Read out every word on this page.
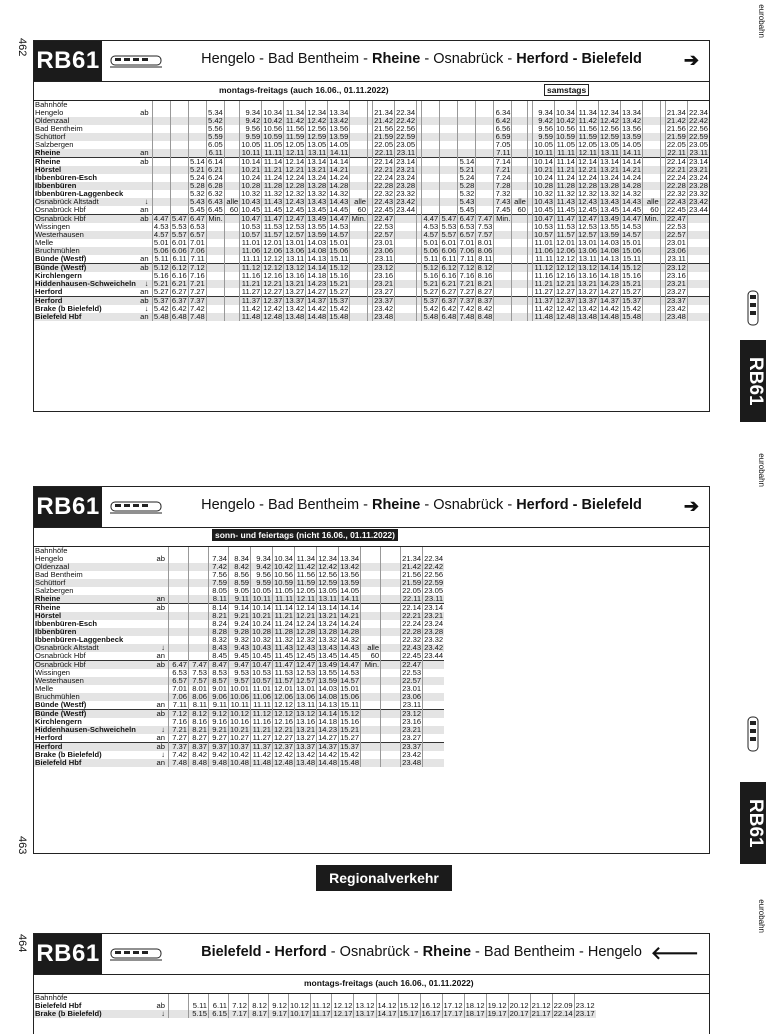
462
463
464
eurobahn
eurobahn
eurobahn
RB61	Hengelo - Bad Bentheim - Rheine - Osnabrück - Herford - Bielefeld	➔
montags-freitags (auch 16.06., 01.11.2022)	samstags
Bahnhöfe																																
Hengelo	ab				5.34		9.34	10.34	11.34	12.34	13.34			21.34	22.34						6.34			9.34	10.34	11.34	12.34	13.34			21.34	22.34
Oldenzaal					5.42		9.42	10.42	11.42	12.42	13.42			21.42	22.42						6.42			9.42	10.42	11.42	12.42	13.42			21.42	22.42
Bad Bentheim					5.56		9.56	10.56	11.56	12.56	13.56			21.56	22.56						6.56			9.56	10.56	11.56	12.56	13.56			21.56	22.56
Schüttorf					5.59		9.59	10.59	11.59	12.59	13.59			21.59	22.59						6.59			9.59	10.59	11.59	12.59	13.59			21.59	22.59
Salzbergen					6.05		10.05	11.05	12.05	13.05	14.05			22.05	23.05						7.05			10.05	11.05	12.05	13.05	14.05			22.05	23.05
Rheine	an				6.11		10.11	11.11	12.11	13.11	14.11			22.11	23.11						7.11			10.11	11.11	12.11	13.11	14.11			22.11	23.11
Rheine	ab			5.14	6.14		10.14	11.14	12.14	13.14	14.14			22.14	23.14				5.14		7.14			10.14	11.14	12.14	13.14	14.14			22.14	23.14
Hörstel				5.21	6.21		10.21	11.21	12.21	13.21	14.21			22.21	23.21				5.21		7.21			10.21	11.21	12.21	13.21	14.21			22.21	23.21
Ibbenbüren-Esch				5.24	6.24		10.24	11.24	12.24	13.24	14.24			22.24	23.24				5.24		7.24			10.24	11.24	12.24	13.24	14.24			22.24	23.24
Ibbenbüren				5.28	6.28		10.28	11.28	12.28	13.28	14.28			22.28	23.28				5.28		7.28			10.28	11.28	12.28	13.28	14.28			22.28	23.28
Ibbenbüren-Laggenbeck				5.32	6.32		10.32	11.32	12.32	13.32	14.32			22.32	23.32				5.32		7.32			10.32	11.32	12.32	13.32	14.32			22.32	23.32
Osnabrück Altstadt	↓			5.43	6.43	alle	10.43	11.43	12.43	13.43	14.43	alle		22.43	23.42				5.43		7.43	alle		10.43	11.43	12.43	13.43	14.43	alle		22.43	23.42
Osnabrück Hbf	an			5.45	6.45	60	10.45	11.45	12.45	13.45	14.45	60		22.45	23.44				5.45		7.45	60		10.45	11.45	12.45	13.45	14.45	60		22.45	23.44
Osnabrück Hbf	ab	4.47	5.47	6.47	Min.		10.47	11.47	12.47	13.49	14.47	Min.		22.47			4.47	5.47	6.47	7.47	Min.			10.47	11.47	12.47	13.49	14.47	Min.		22.47	
Wissingen		4.53	5.53	6.53			10.53	11.53	12.53	13.55	14.53			22.53			4.53	5.53	6.53	7.53				10.53	11.53	12.53	13.55	14.53			22.53	
Westerhausen		4.57	5.57	6.57			10.57	11.57	12.57	13.59	14.57			22.57			4.57	5.57	6.57	7.57				10.57	11.57	12.57	13.59	14.57			22.57	
Melle		5.01	6.01	7.01			11.01	12.01	13.01	14.03	15.01			23.01			5.01	6.01	7.01	8.01				11.01	12.01	13.01	14.03	15.01			23.01	
Bruchmühlen		5.06	6.06	7.06			11.06	12.06	13.06	14.08	15.06			23.06			5.06	6.06	7.06	8.06				11.06	12.06	13.06	14.08	15.06			23.06	
Bünde (Westf)	an	5.11	6.11	7.11			11.11	12.12	13.11	14.13	15.11			23.11			5.11	6.11	7.11	8.11				11.11	12.12	13.11	14.13	15.11			23.11	
Bünde (Westf)	ab	5.12	6.12	7.12			11.12	12.12	13.12	14.14	15.12			23.12			5.12	6.12	7.12	8.12				11.12	12.12	13.12	14.14	15.12			23.12	
Kirchlengern		5.16	6.16	7.16			11.16	12.16	13.16	14.18	15.16			23.16			5.16	6.16	7.16	8.16				11.16	12.16	13.16	14.18	15.16			23.16	
Hiddenhausen-Schweicheln	↓	5.21	6.21	7.21			11.21	12.21	13.21	14.23	15.21			23.21			5.21	6.21	7.21	8.21				11.21	12.21	13.21	14.23	15.21			23.21	
Herford	an	5.27	6.27	7.27			11.27	12.27	13.27	14.27	15.27			23.27			5.27	6.27	7.27	8.27				11.27	12.27	13.27	14.27	15.27			23.27	
Herford	ab	5.37	6.37	7.37			11.37	12.37	13.37	14.37	15.37			23.37			5.37	6.37	7.37	8.37				11.37	12.37	13.37	14.37	15.37			23.37	
Brake (b Bielefeld)	↓	5.42	6.42	7.42			11.42	12.42	13.42	14.42	15.42			23.42			5.42	6.42	7.42	8.42				11.42	12.42	13.42	14.42	15.42			23.42	
Bielefeld Hbf	an	5.48	6.48	7.48			11.48	12.48	13.48	14.48	15.48			23.48			5.48	6.48	7.48	8.48				11.48	12.48	13.48	14.48	15.48			23.48	
RB61
RB61	Hengelo - Bad Bentheim - Rheine - Osnabrück - Herford - Bielefeld	➔
sonn- und feiertags (nicht 16.06., 01.11.2022)
Bahnhöfe														
Hengelo	ab			7.34	8.34	9.34	10.34	11.34	12.34	13.34			21.34	22.34
Oldenzaal				7.42	8.42	9.42	10.42	11.42	12.42	13.42			21.42	22.42
Bad Bentheim				7.56	8.56	9.56	10.56	11.56	12.56	13.56			21.56	22.56
Schüttorf				7.59	8.59	9.59	10.59	11.59	12.59	13.59			21.59	22.59
Salzbergen				8.05	9.05	10.05	11.05	12.05	13.05	14.05			22.05	23.05
Rheine	an			8.11	9.11	10.11	11.11	12.11	13.11	14.11			22.11	23.11
Rheine	ab			8.14	9.14	10.14	11.14	12.14	13.14	14.14			22.14	23.14
Hörstel				8.21	9.21	10.21	11.21	12.21	13.21	14.21			22.21	23.21
Ibbenbüren-Esch				8.24	9.24	10.24	11.24	12.24	13.24	14.24			22.24	23.24
Ibbenbüren				8.28	9.28	10.28	11.28	12.28	13.28	14.28			22.28	23.28
Ibbenbüren-Laggenbeck				8.32	9.32	10.32	11.32	12.32	13.32	14.32			22.32	23.32
Osnabrück Altstadt	↓			8.43	9.43	10.43	11.43	12.43	13.43	14.43	alle		22.43	23.42
Osnabrück Hbf	an			8.45	9.45	10.45	11.45	12.45	13.45	14.45	60		22.45	23.44
Osnabrück Hbf	ab	6.47	7.47	8.47	9.47	10.47	11.47	12.47	13.49	14.47	Min.		22.47	
Wissingen		6.53	7.53	8.53	9.53	10.53	11.53	12.53	13.55	14.53			22.53	
Westerhausen		6.57	7.57	8.57	9.57	10.57	11.57	12.57	13.59	14.57			22.57	
Melle		7.01	8.01	9.01	10.01	11.01	12.01	13.01	14.03	15.01			23.01	
Bruchmühlen		7.06	8.06	9.06	10.06	11.06	12.06	13.06	14.08	15.06			23.06	
Bünde (Westf)	an	7.11	8.11	9.11	10.11	11.11	12.12	13.11	14.13	15.11			23.11	
Bünde (Westf)	ab	7.12	8.12	9.12	10.12	11.12	12.12	13.12	14.14	15.12			23.12	
Kirchlengern		7.16	8.16	9.16	10.16	11.16	12.16	13.16	14.18	15.16			23.16	
Hiddenhausen-Schweicheln	↓	7.21	8.21	9.21	10.21	11.21	12.21	13.21	14.23	15.21			23.21	
Herford	an	7.27	8.27	9.27	10.27	11.27	12.27	13.27	14.27	15.27			23.27	
Herford	ab	7.37	8.37	9.37	10.37	11.37	12.37	13.37	14.37	15.37			23.37	
Brake (b Bielefeld)	↓	7.42	8.42	9.42	10.42	11.42	12.42	13.42	14.42	15.42			23.42	
Bielefeld Hbf	an	7.48	8.48	9.48	10.48	11.48	12.48	13.48	14.48	15.48			23.48	
RB61
Regionalverkehr
RB61	Bielefeld - Herford - Osnabrück - Rheine - Bad Bentheim - Hengelo 🡐
montags-freitags (auch 16.06., 01.11.2022)
Bahnhöfe																					
Bielefeld Hbf	ab		5.11	6.11	7.12	8.12	9.12	10.12	11.12	12.12	13.12	14.12	15.12	16.12	17.12	18.12	19.12	20.12	21.12	22.09	23.12
Brake (b Bielefeld)	↓		5.15	6.15	7.17	8.17	9.17	10.17	11.17	12.17	13.17	14.17	15.17	16.17	17.17	18.17	19.17	20.17	21.17	22.14	23.17
